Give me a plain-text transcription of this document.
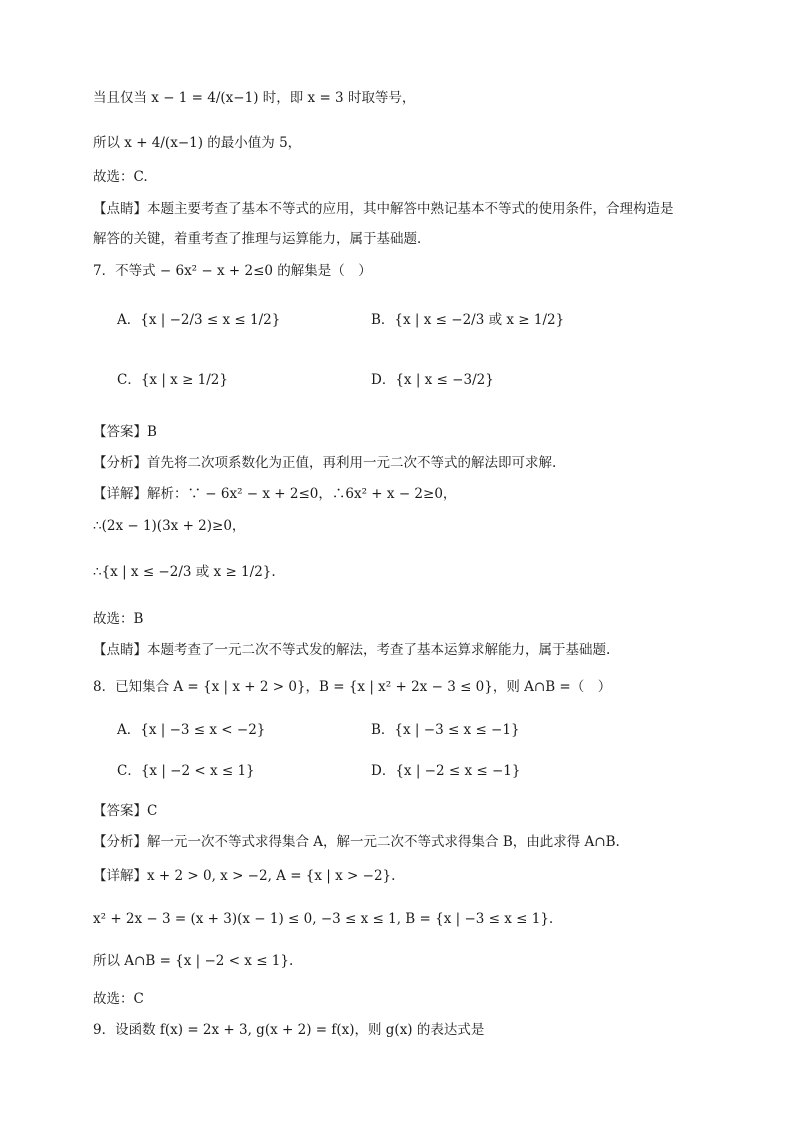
当且仅当 x − 1 = 4/(x−1) 时，即 x = 3 时取等号，
所以 x + 4/(x−1) 的最小值为 5，
故选：C.
【点睛】本题主要考查了基本不等式的应用，其中解答中熟记基本不等式的使用条件，合理构造是
解答的关键，着重考查了推理与运算能力，属于基础题．
7．不等式 − 6x² − x + 2≤0 的解集是（　）
A．{x | −2/3 ≤ x ≤ 1/2}	B．{x | x ≤ −2/3 或 x ≥ 1/2}
C．{x | x ≥ 1/2}	D．{x | x ≤ −3/2}
【答案】B
【分析】首先将二次项系数化为正值，再利用一元二次不等式的解法即可求解.
【详解】解析：∵ − 6x² − x + 2≤0，∴6x² + x − 2≥0，
∴(2x − 1)(3x + 2)≥0，
∴{x | x ≤ −2/3 或 x ≥ 1/2}.
故选：B
【点睛】本题考查了一元二次不等式发的解法，考查了基本运算求解能力，属于基础题.
8．已知集合 A = {x | x + 2 > 0}，B = {x | x² + 2x − 3 ≤ 0}，则 A∩B =（　）
A．{x | −3 ≤ x < −2}	B．{x | −3 ≤ x ≤ −1}
C．{x | −2 < x ≤ 1}	D．{x | −2 ≤ x ≤ −1}
【答案】C
【分析】解一元一次不等式求得集合 A，解一元二次不等式求得集合 B，由此求得 A∩B.
【详解】x + 2 > 0, x > −2, A = {x | x > −2}.
x² + 2x − 3 = (x + 3)(x − 1) ≤ 0, −3 ≤ x ≤ 1, B = {x | −3 ≤ x ≤ 1}.
所以 A∩B = {x | −2 < x ≤ 1}.
故选：C
9．设函数 f(x) = 2x + 3, g(x + 2) = f(x)，则 g(x) 的表达式是
